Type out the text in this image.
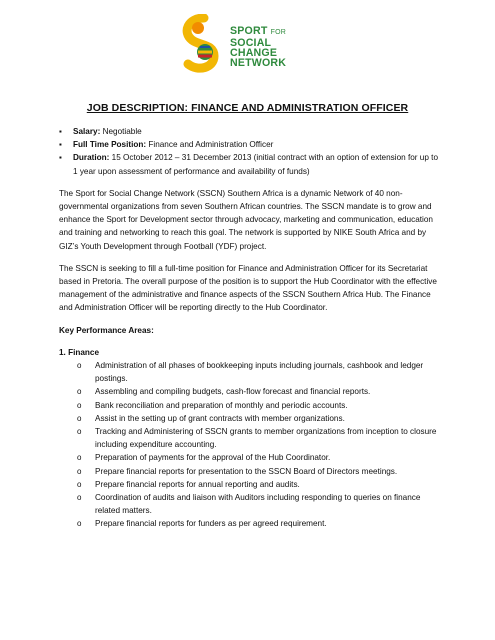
SPORT FOR
SOCIAL
CHANGE
NETWORK
JOB DESCRIPTION: FINANCE AND ADMINISTRATION OFFICER
▪ Salary: Negotiable
▪ Full Time Position: Finance and Administration Officer
▪ Duration: 15 October 2012 – 31 December 2013 (initial contract with an option of extension for up to 1 year upon assessment of performance and availability of funds)

The Sport for Social Change Network (SSCN) Southern Africa is a dynamic Network of 40 non-governmental organizations from seven Southern African countries. The SSCN mandate is to grow and enhance the Sport for Development sector through advocacy, marketing and communication, education and training and networking to reach this goal. The network is supported by NIKE South Africa and by GIZ’s Youth Development through Football (YDF) project.

The SSCN is seeking to fill a full-time position for Finance and Administration Officer for its Secretariat based in Pretoria. The overall purpose of the position is to support the Hub Coordinator with the effective management of the administrative and finance aspects of the SSCN Southern Africa Hub. The Finance and Administration Officer will be reporting directly to the Hub Coordinator.

Key Performance Areas:

1. Finance

o Administration of all phases of bookkeeping inputs including journals, cashbook and ledger postings.
o Assembling and compiling budgets, cash-flow forecast and financial reports.
o Bank reconciliation and preparation of monthly and periodic accounts.
o Assist in the setting up of grant contracts with member organizations.
o Tracking and Administering of SSCN grants to member organizations from inception to closure including expenditure accounting.
o Preparation of payments for the approval of the Hub Coordinator.
o Prepare financial reports for presentation to the SSCN Board of Directors meetings.
o Prepare financial reports for annual reporting and audits.
o Coordination of audits and liaison with Auditors including responding to queries on finance related matters.
o Prepare financial reports for funders as per agreed requirement.
